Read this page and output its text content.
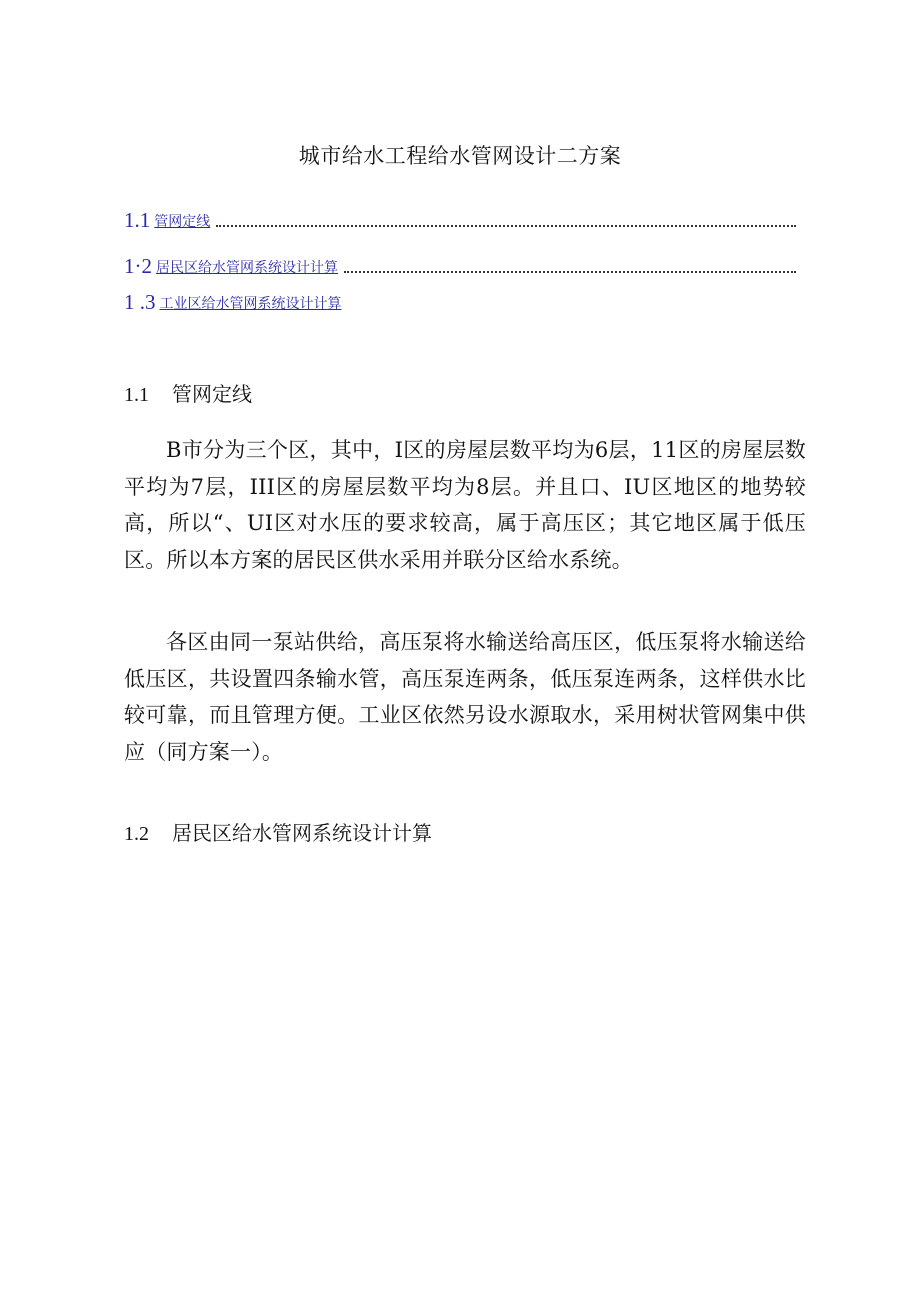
城市给水工程给水管网设计二方案
1.1 管网定线
1·2 居民区给水管网系统设计计算
1 .3 工业区给水管网系统设计计算
1.1 管网定线
B市分为三个区，其中，I区的房屋层数平均为6层，11区的房屋层数平均为7层，III区的房屋层数平均为8层。并且口、IU区地区的地势较高，所以“、UI区对水压的要求较高，属于高压区；其它地区属于低压区。所以本方案的居民区供水采用并联分区给水系统。
各区由同一泵站供给，高压泵将水输送给高压区，低压泵将水输送给低压区，共设置四条输水管，高压泵连两条，低压泵连两条，这样供水比较可靠，而且管理方便。工业区依然另设水源取水，采用树状管网集中供应（同方案一）。
1.2 居民区给水管网系统设计计算
